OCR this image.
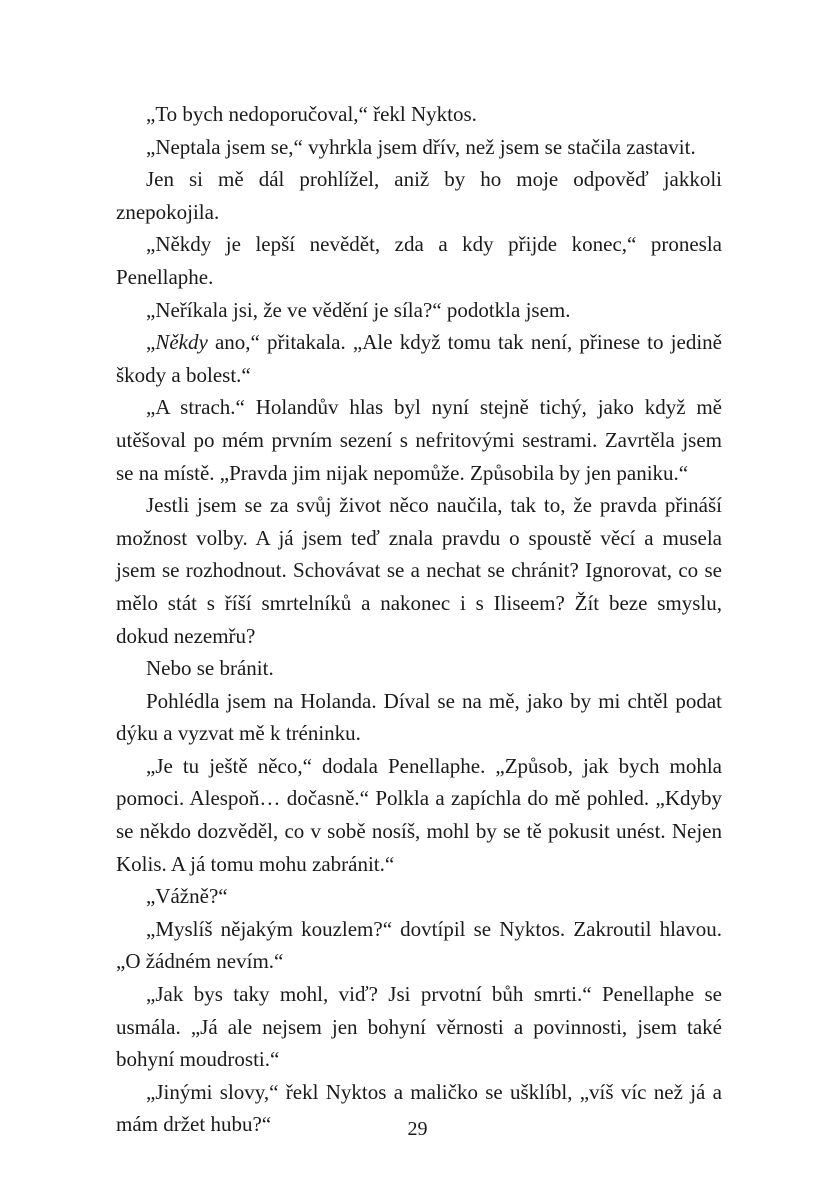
„To bych nedoporučoval,“ řekl Nyktos.

„Neptala jsem se,“ vyhrkla jsem dřív, než jsem se stačila zastavit.

Jen si mě dál prohlížel, aniž by ho moje odpověď jakkoli znepokojila.

„Někdy je lepší nevědět, zda a kdy přijde konec,“ pronesla Penellaphe.

„Neříkala jsi, že ve vědění je síla?“ podotkla jsem.

„Někdy ano,“ přitakala. „Ale když tomu tak není, přinese to jedině škody a bolest.“

„A strach.“ Holandův hlas byl nyní stejně tichý, jako když mě utěšoval po mém prvním sezení s nefritovými sestrami. Zavrtěla jsem se na místě. „Pravda jim nijak nepomůže. Způsobila by jen paniku.“

Jestli jsem se za svůj život něco naučila, tak to, že pravda přináší možnost volby. A já jsem teď znala pravdu o spoustě věcí a musela jsem se rozhodnout. Schovávat se a nechat se chránit? Ignorovat, co se mělo stát s říší smrtelníků a nakonec i s Iliseem? Žít beze smyslu, dokud nezemřu?

Nebo se bránit.

Pohlédla jsem na Holanda. Díval se na mě, jako by mi chtěl podat dýku a vyzvat mě k tréninku.

„Je tu ještě něco,“ dodala Penellaphe. „Způsob, jak bych mohla pomoci. Alespoň… dočasně.“ Polkla a zapíchla do mě pohled. „Kdyby se někdo dozvěděl, co v sobě nosíš, mohl by se tě pokusit unést. Nejen Kolis. A já tomu mohu zabránit.“

„Vážně?“

„Myslíš nějakým kouzlem?“ dovtípil se Nyktos. Zakroutil hlavou. „O žádném nevím.“

„Jak bys taky mohl, viď? Jsi prvotní bůh smrti.“ Penellaphe se usmála. „Já ale nejsem jen bohyní věrnosti a povinnosti, jsem také bohyní moudrosti.“

„Jinými slovy,“ řekl Nyktos a maličko se ušklíbl, „víš víc než já a mám držet hubu?“	29
